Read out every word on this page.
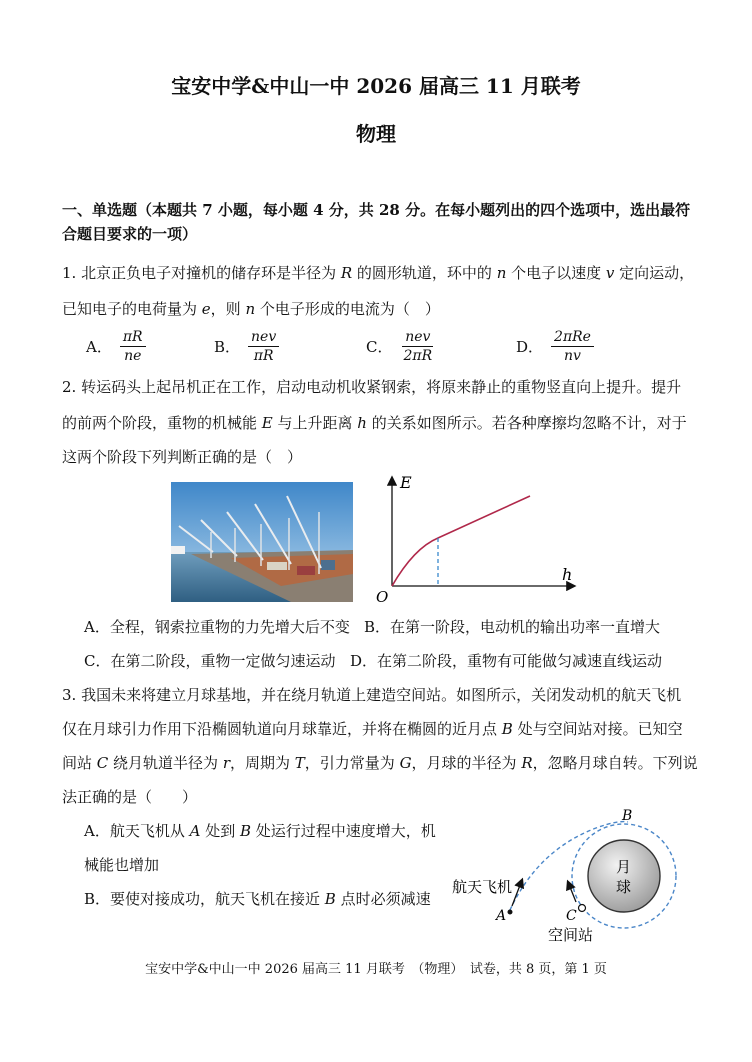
宝安中学&中山一中 2026 届高三 11 月联考
物理
一、单选题（本题共 7 小题，每小题 4 分，共 28 分。在每小题列出的四个选项中，选出最符合题目要求的一项）
1. 北京正负电子对撞机的储存环是半径为 R 的圆形轨道，环中的 n 个电子以速度 v 定向运动，
已知电子的电荷量为 e，则 n 个电子形成的电流为（　）
A． $\frac{\pi R}{ne}$	B． $\frac{\text{nev}}{\pi R}$	C． $\frac{\text{nev}}{2\pi R}$	D． $\frac{\text{2πRe}}{nv}$
2. 转运码头上起吊机正在工作，启动电动机收紧钢索，将原来静止的重物竖直向上提升。提升
的前两个阶段，重物的机械能 E 与上升距离 h 的关系如图所示。若各种摩擦均忽略不计，对于
这两个阶段下列判断正确的是（　）
E
h
O
A．全程，钢索拉重物的力先增大后不变 B．在第一阶段，电动机的输出功率一直增大
C．在第二阶段，重物一定做匀速运动 D．在第二阶段，重物有可能做匀减速直线运动
3. 我国未来将建立月球基地，并在绕月轨道上建造空间站。如图所示，关闭发动机的航天飞机
仅在月球引力作用下沿椭圆轨道向月球靠近，并将在椭圆的近月点 B 处与空间站对接。已知空
间站 C 绕月轨道半径为 r，周期为 T，引力常量为 G，月球的半径为 R，忽略月球自转。下列说
法正确的是（　　）
A．航天飞机从 A 处到 B 处运行过程中速度增大，机
械能也增加
B．要使对接成功，航天飞机在接近 B 点时必须减速
月
球
A
航天飞机
C
空间站
B
宝安中学&中山一中 2026 届高三 11 月联考　（物理）　试卷，共 8 页，第 1 页
